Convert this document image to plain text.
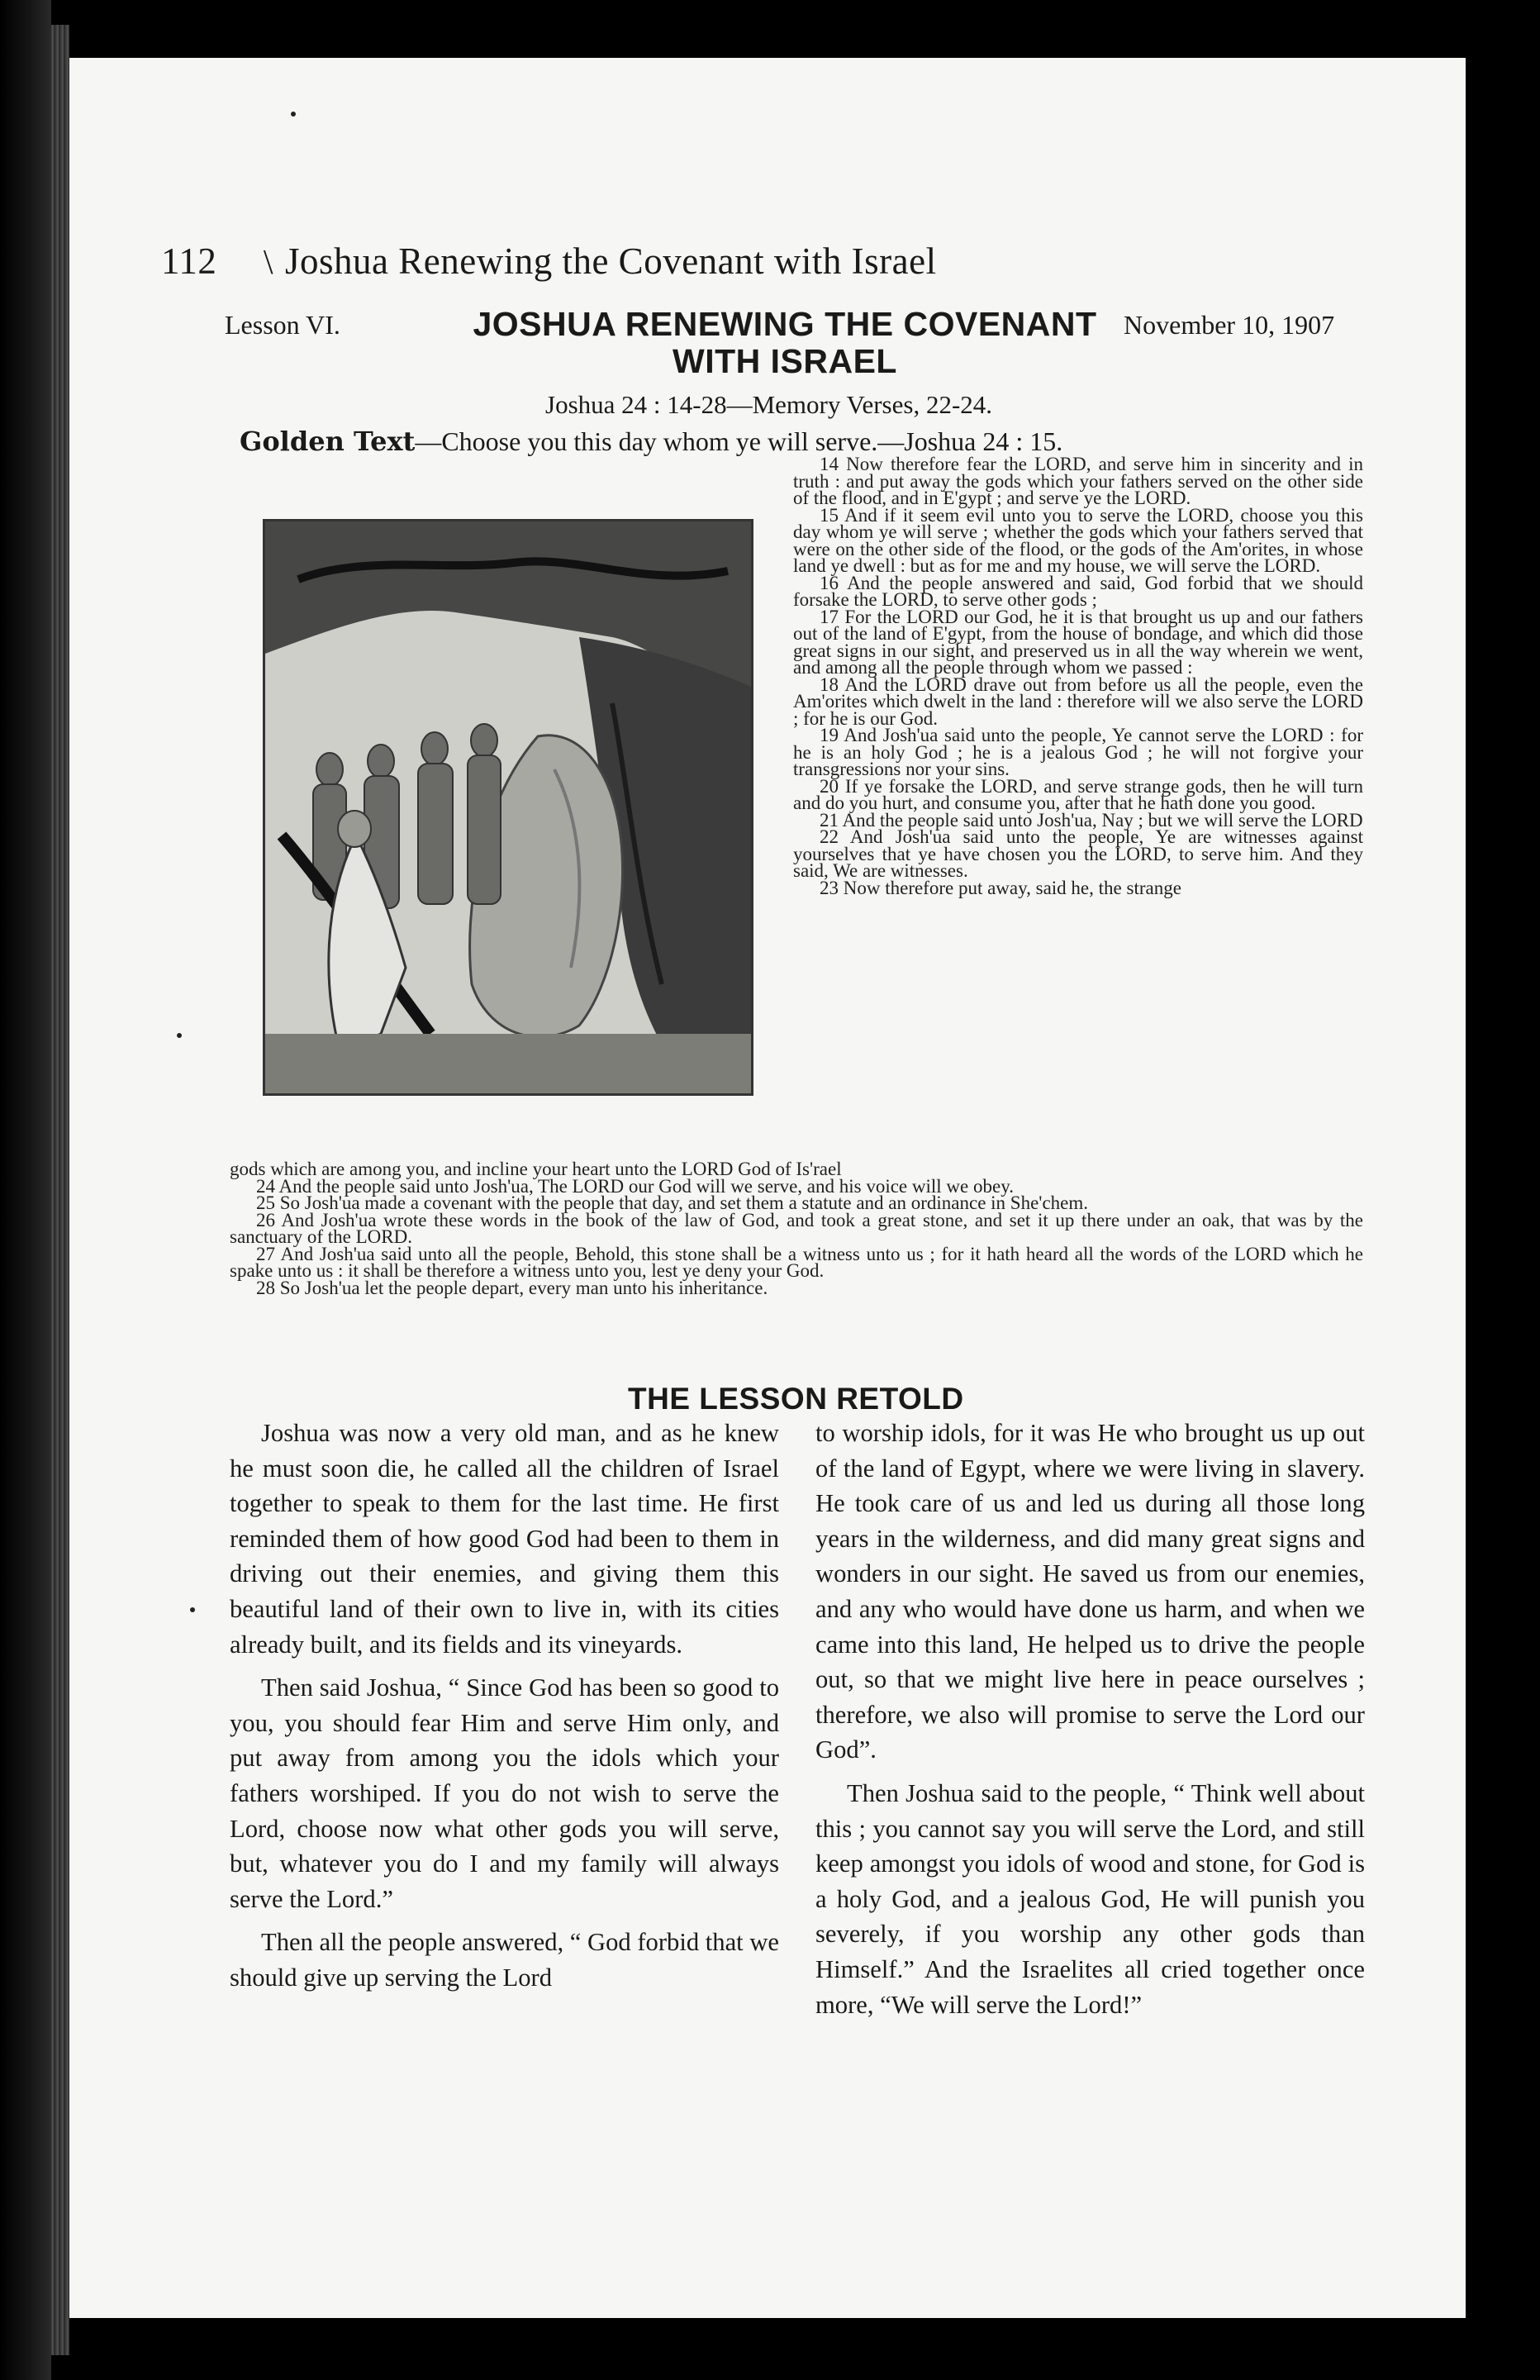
112 \ Joshua Renewing the Covenant with Israel
Lesson VI.	JOSHUA RENEWING THE COVENANT WITH ISRAEL
November 10, 1907
Joshua 24 : 14-28—Memory Verses, 22-24.
Golden Text—Choose you this day whom ye will serve.—Joshua 24 : 15.

14 Now therefore fear the LORD, and serve him in sincerity and in truth : and put away the gods which your fathers served on the other side of the flood, and in E'gypt ; and serve ye the LORD.

15 And if it seem evil unto you to serve the LORD, choose you this day whom ye will serve ; whether the gods which your fathers served that were on the other side of the flood, or the gods of the Am'orites, in whose land ye dwell : but as for me and my house, we will serve the LORD.

16 And the people answered and said, God forbid that we should forsake the LORD, to serve other gods ;

17 For the LORD our God, he it is that brought us up and our fathers out of the land of E'gypt, from the house of bondage, and which did those great signs in our sight, and preserved us in all the way wherein we went, and among all the people through whom we passed :

18 And the LORD drave out from before us all the people, even the Am'orites which dwelt in the land : therefore will we also serve the LORD ; for he is our God.

19 And Josh'ua said unto the people, Ye cannot serve the LORD : for he is an holy God ; he is a jealous God ; he will not forgive your transgressions nor your sins.

20 If ye forsake the LORD, and serve strange gods, then he will turn and do you hurt, and consume you, after that he hath done you good.

21 And the people said unto Josh'ua, Nay ; but we will serve the LORD

22 And Josh'ua said unto the people, Ye are witnesses against yourselves that ye have chosen you the LORD, to serve him. And they said, We are witnesses.

23 Now therefore put away, said he, the strange

gods which are among you, and incline your heart unto the LORD God of Is'rael

24 And the people said unto Josh'ua, The LORD our God will we serve, and his voice will we obey.

25 So Josh'ua made a covenant with the people that day, and set them a statute and an ordinance in She'chem.

26 And Josh'ua wrote these words in the book of the law of God, and took a great stone, and set it up there under an oak, that was by the sanctuary of the LORD.

27 And Josh'ua said unto all the people, Behold, this stone shall be a witness unto us ; for it hath heard all the words of the LORD which he spake unto us : it shall be therefore a witness unto you, lest ye deny your God.

28 So Josh'ua let the people depart, every man unto his inheritance.

THE LESSON RETOLD

Joshua was now a very old man, and as he knew he must soon die, he called all the children of Israel together to speak to them for the last time. He first reminded them of how good God had been to them in driving out their enemies, and giving them this beautiful land of their own to live in, with its cities already built, and its fields and its vineyards.

Then said Joshua, “ Since God has been so good to you, you should fear Him and serve Him only, and put away from among you the idols which your fathers worshiped. If you do not wish to serve the Lord, choose now what other gods you will serve, but, whatever you do I and my family will always serve the Lord.”

Then all the people answered, “ God forbid that we should give up serving the Lord

to worship idols, for it was He who brought us up out of the land of Egypt, where we were living in slavery. He took care of us and led us during all those long years in the wilderness, and did many great signs and wonders in our sight. He saved us from our enemies, and any who would have done us harm, and when we came into this land, He helped us to drive the people out, so that we might live here in peace ourselves ; therefore, we also will promise to serve the Lord our God”.

Then Joshua said to the people, “ Think well about this ; you cannot say you will serve the Lord, and still keep amongst you idols of wood and stone, for God is a holy God, and a jealous God, He will punish you severely, if you worship any other gods than Himself.” And the Israelites all cried together once more, “We will serve the Lord!”
